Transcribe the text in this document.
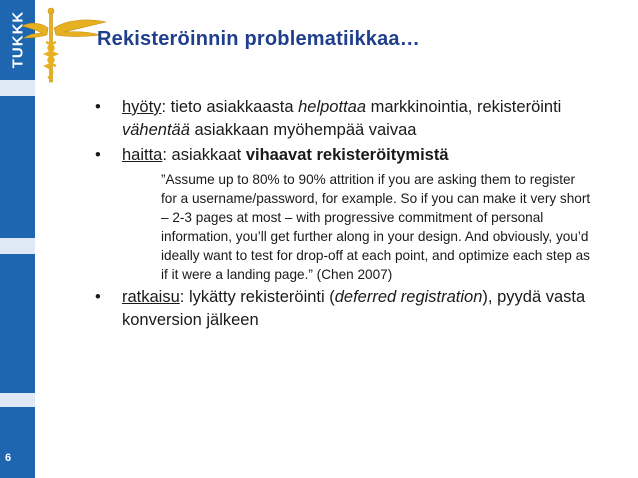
TUKKK
6
Rekisteröinnin problematiikkaa…

•	hyöty: tieto asiakkaasta helpottaa markkinointia, rekisteröinti vähentää asiakkaan myöhempää vaivaa

•	haitta: asiakkaat vihaavat rekisteröitymistä

”Assume up to 80% to 90% attrition if you are asking them to register for a username/password, for example. So if you can make it very short – 2-3 pages at most – with progressive commitment of personal information, you’ll get further along in your design. And obviously, you’d ideally want to test for drop-off at each point, and optimize each step as if it were a landing page.” (Chen 2007)

•	ratkaisu: lykätty rekisteröinti (deferred registration), pyydä vasta konversion jälkeen
